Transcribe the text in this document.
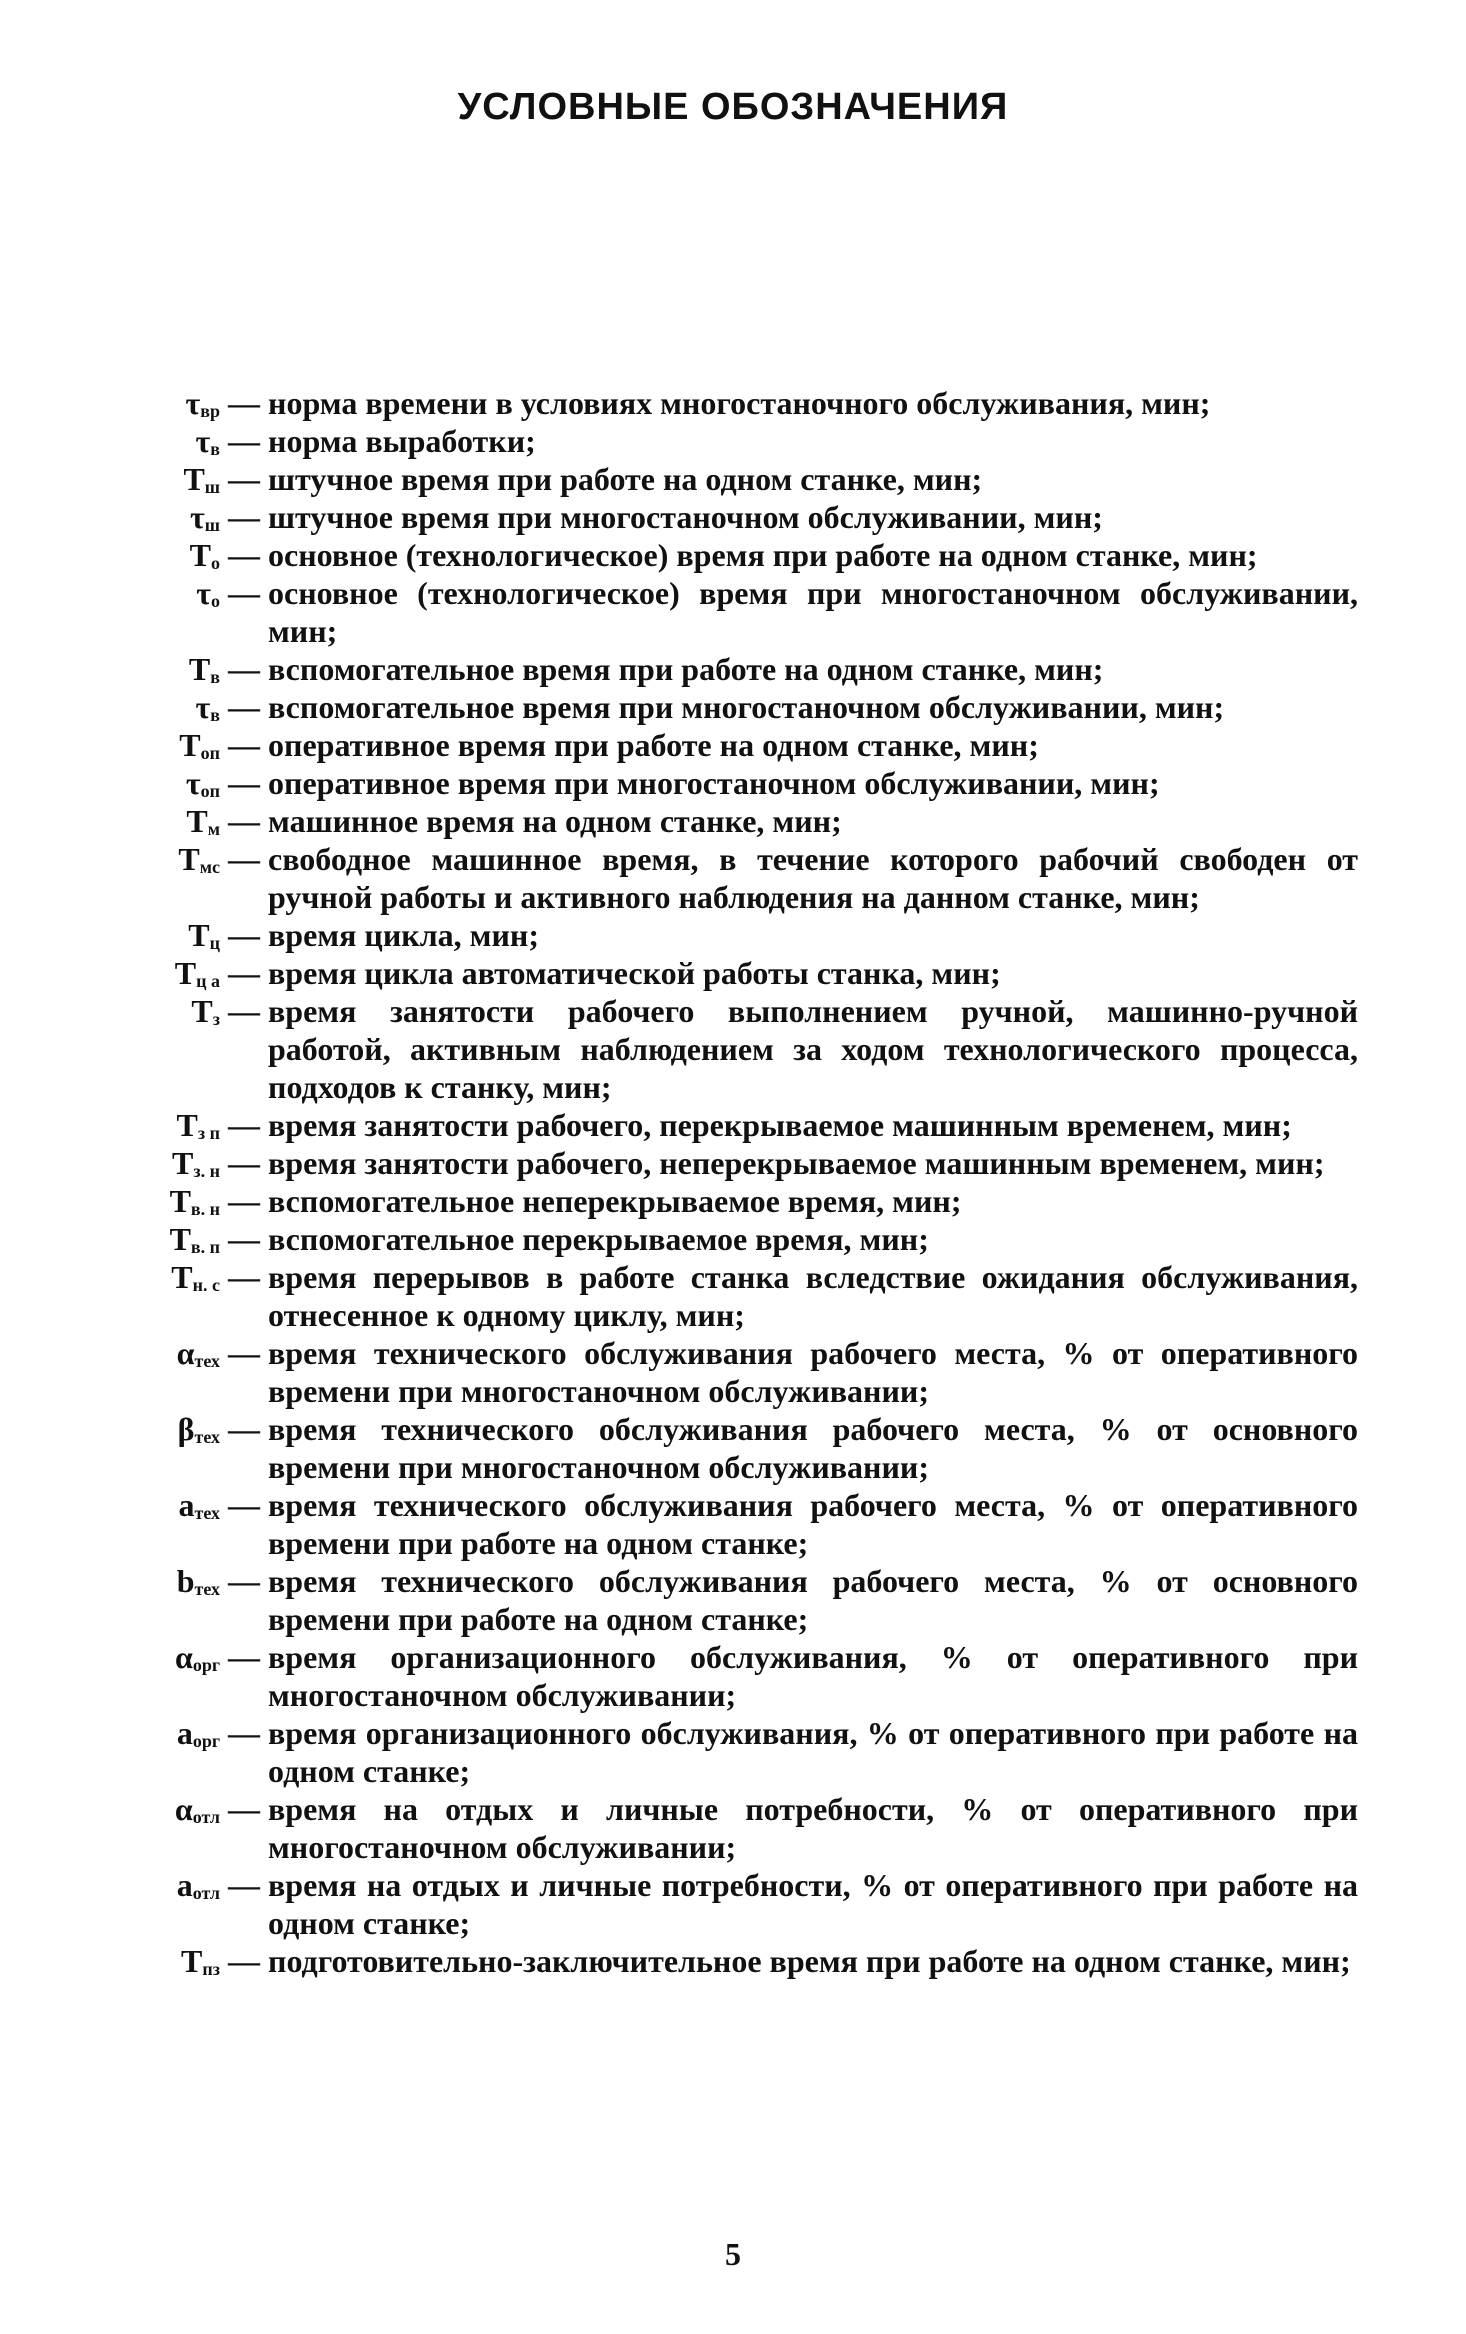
УСЛОВНЫЕ ОБОЗНАЧЕНИЯ
$\tau_{вр}$ — норма времени в условиях многостаночного обслуживания, мин;
$\tau_в$ — норма выработки;
$Т_ш$ — штучное время при работе на одном станке, мин;
$\tau_ш$ — штучное время при многостаночном обслуживании, мин;
$Т_о$ — основное (технологическое) время при работе на одном станке, мин;
$\tau_о$ — основное (технологическое) время при многостаночном обслуживании, мин;
$Т_в$ — вспомогательное время при работе на одном станке, мин;
$\tau_в$ — вспомогательное время при многостаночном обслуживании, мин;
$Т_{оп}$ — оперативное время при работе на одном станке, мин;
$\tau_{оп}$ — оперативное время при многостаночном обслуживании, мин;
$Т_м$ — машинное время на одном станке, мин;
$Т_{мс}$ — свободное машинное время, в течение которого рабочий свободен от ручной работы и активного наблюдения на данном станке, мин;
$Т_ц$ — время цикла, мин;
$Т_{ц а}$ — время цикла автоматической работы станка, мин;
$Т_з$ — время занятости рабочего выполнением ручной, машинно-ручной работой, активным наблюдением за ходом технологического процесса, подходов к станку, мин;
$Т_{з п}$ — время занятости рабочего, перекрываемое машинным временем, мин;
$Т_{з. н}$ — время занятости рабочего, неперекрываемое машинным временем, мин;
$Т_{в. н}$ — вспомогательное неперекрываемое время, мин;
$Т_{в. п}$ — вспомогательное перекрываемое время, мин;
$Т_{н. с}$ — время перерывов в работе станка вследствие ожидания обслуживания, отнесенное к одному циклу, мин;
$\alpha_{тех}$ — время технического обслуживания рабочего места, % от оперативного времени при многостаночном обслуживании;
$\beta_{тех}$ — время технического обслуживания рабочего места, % от основного времени при многостаночном обслуживании;
$a_{тех}$ — время технического обслуживания рабочего места, % от оперативного времени при работе на одном станке;
$b_{тех}$ — время технического обслуживания рабочего места, % от основного времени при работе на одном станке;
$\alpha_{орг}$ — время организационного обслуживания, % от оперативного при многостаночном обслуживании;
$a_{орг}$ — время организационного обслуживания, % от оперативного при работе на одном станке;
$\alpha_{отл}$ — время на отдых и личные потребности, % от оперативного при многостаночном обслуживании;
$a_{отл}$ — время на отдых и личные потребности, % от оперативного при работе на одном станке;
$Т_{пз}$ — подготовительно-заключительное время при работе на одном станке, мин;
5
